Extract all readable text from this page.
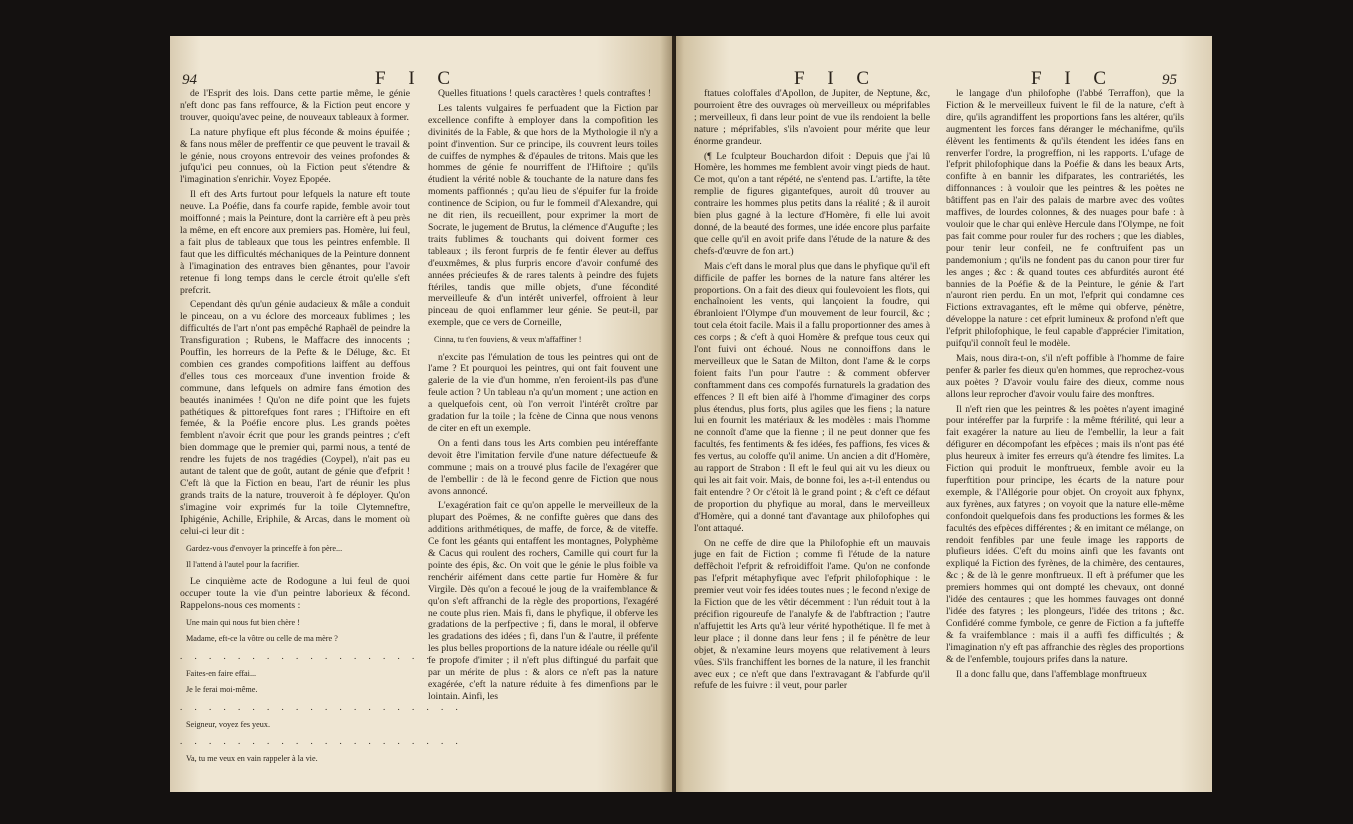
94	F I C

de l'Esprit des lois. Dans cette partie même, le génie n'eft donc pas fans reffource, & la Fiction peut encore y trouver, quoiqu'avec peine, de nouveaux tableaux à former.

La nature phyfique eft plus féconde & moins épuifée ; & fans nous mêler de preffentir ce que peuvent le travail & le génie, nous croyons entrevoir des veines profondes & jufqu'ici peu connues, où la Fiction peut s'étendre & l'imagination s'enrichir. Voyez Epopée.

Il eft des Arts furtout pour lefquels la nature eft toute neuve. La Poéfie, dans fa courfe rapide, femble avoir tout moiffonné ; mais la Peinture, dont la carrière eft à peu près la même, en eft encore aux premiers pas. Homère, lui feul, a fait plus de tableaux que tous les peintres enfemble. Il faut que les difficultés méchaniques de la Peinture donnent à l'imagination des entraves bien gênantes, pour l'avoir retenue fi long temps dans le cercle étroit qu'elle s'eft prefcrit.

Cependant dès qu'un génie audacieux & mâle a conduit le pinceau, on a vu éclore des morceaux fublimes ; les difficultés de l'art n'ont pas empêché Raphaël de peindre la Transfiguration ; Rubens, le Maffacre des innocents ; Pouffin, les horreurs de la Pefte & le Déluge, &c. Et combien ces grandes compofitions laiffent au deffous d'elles tous ces morceaux d'une invention froide & commune, dans lefquels on admire fans émotion des beautés inanimées ! Qu'on ne dife point que les fujets pathétiques & pittorefques font rares ; l'Hiftoire en eft femée, & la Poéfie encore plus. Les grands poètes femblent n'avoir écrit que pour les grands peintres ; c'eft bien dommage que le premier qui, parmi nous, a tenté de rendre les fujets de nos tragédies (Coypel), n'ait pas eu autant de talent que de goût, autant de génie que d'efprit ! C'eft là que la Fiction en beau, l'art de réunir les plus grands traits de la nature, trouveroit à fe déployer. Qu'on s'imagine voir exprimés fur la toile Clytemneftre, Iphigénie, Achille, Eriphile, & Arcas, dans le moment où celui-ci leur dit :

Gardez-vous d'envoyer la princeffe à fon père...

Il l'attend à l'autel pour la facrifier.

Le cinquième acte de Rodogune a lui feul de quoi occuper toute la vie d'un peintre laborieux & fécond. Rappelons-nous ces moments :

Une main qui nous fut bien chère !

Madame, eft-ce la vôtre ou celle de ma mère ?

. . . . . . . . . . . . . . . . . . . .

Faites-en faire effai...

Je le ferai moi-même.

. . . . . . . . . . . . . . . . . . . .

Seigneur, voyez fes yeux.

. . . . . . . . . . . . . . . . . . . .

Va, tu me veux en vain rappeler à la vie.

Quelles fituations ! quels caractères ! quels contraftes !

Les talents vulgaires fe perfuadent que la Fiction par excellence confifte à employer dans la compofition les divinités de la Fable, & que hors de la Mythologie il n'y a point d'invention. Sur ce principe, ils couvrent leurs toiles de cuiffes de nymphes & d'épaules de tritons. Mais que les hommes de génie fe nourriffent de l'Hiftoire ; qu'ils étudient la vérité noble & touchante de la nature dans fes moments paffionnés ; qu'au lieu de s'épuifer fur la froide continence de Scipion, ou fur le fommeil d'Alexandre, qui ne dit rien, ils recueillent, pour exprimer la mort de Socrate, le jugement de Brutus, la clémence d'Augufte ; les traits fublimes & touchants qui doivent former ces tableaux ; ils feront furpris de fe fentir élever au deffus d'euxmêmes, & plus furpris encore d'avoir confumé des années précieufes & de rares talents à peindre des fujets ftériles, tandis que mille objets, d'une fécondité merveilleufe & d'un intérêt univerfel, offroient à leur pinceau de quoi enflammer leur génie. Se peut-il, par exemple, que ce vers de Corneille,

Cinna, tu t'en fouviens, & veux m'affaffiner !

n'excite pas l'émulation de tous les peintres qui ont de l'ame ? Et pourquoi les peintres, qui ont fait fouvent une galerie de la vie d'un homme, n'en feroient-ils pas d'une feule action ? Un tableau n'a qu'un moment ; une action en a quelquefois cent, où l'on verroit l'intérêt croître par gradation fur la toile ; la fcène de Cinna que nous venons de citer en eft un exemple.

On a fenti dans tous les Arts combien peu intéreffante devoit être l'imitation fervile d'une nature défectueufe & commune ; mais on a trouvé plus facile de l'exagérer que de l'embellir : de là le fecond genre de Fiction que nous avons annoncé.

L'exagération fait ce qu'on appelle le merveilleux de la plupart des Poëmes, & ne confifte guères que dans des additions arithmétiques, de maffe, de force, & de viteffe. Ce font les géants qui entaffent les montagnes, Polyphème & Cacus qui roulent des rochers, Camille qui court fur la pointe des épis, &c. On voit que le génie le plus foible va renchérir aifément dans cette partie fur Homère & fur Virgile. Dès qu'on a fecoué le joug de la vraifemblance & qu'on s'eft affranchi de la règle des proportions, l'exagéré ne coute plus rien. Mais fi, dans le phyfique, il obferve les gradations de la perfpective ; fi, dans le moral, il obferve les gradations des idées ; fi, dans l'un & l'autre, il préfente les plus belles proportions de la nature idéale ou réelle qu'il fe propofe d'imiter ; il n'eft plus diftingué du parfait que par un mérite de plus : & alors ce n'eft pas la nature exagérée, c'eft la nature réduite à fes dimenfions par le lointain. Ainfi, les

F I C	F I C	95

ftatues coloffales d'Apollon, de Jupiter, de Neptune, &c, pourroient être des ouvrages où merveilleux ou méprifables ; merveilleux, fi dans leur point de vue ils rendoient la belle nature ; méprifables, s'ils n'avoient pour mérite que leur énorme grandeur.

(¶ Le fculpteur Bouchardon difoit : Depuis que j'ai lû Homère, les hommes me femblent avoir vingt pieds de haut. Ce mot, qu'on a tant répété, ne s'entend pas. L'artifte, la tête remplie de figures gigantefques, auroit dû trouver au contraire les hommes plus petits dans la réalité ; & il auroit bien plus gagné à la lecture d'Homère, fi elle lui avoit donné, de la beauté des formes, une idée encore plus parfaite que celle qu'il en avoit prife dans l'étude de la nature & des chefs-d'œuvre de fon art.)

Mais c'eft dans le moral plus que dans le phyfique qu'il eft difficile de paffer les bornes de la nature fans altérer les proportions. On a fait des dieux qui foulevoient les flots, qui enchaînoient les vents, qui lançoient la foudre, qui ébranloient l'Olympe d'un mouvement de leur fourcil, &c ; tout cela étoit facile. Mais il a fallu proportionner des ames à ces corps ; & c'eft à quoi Homère & prefque tous ceux qui l'ont fuivi ont échoué. Nous ne connoiffons dans le merveilleux que le Satan de Milton, dont l'ame & le corps foient faits l'un pour l'autre : & comment obferver conftamment dans ces compofés furnaturels la gradation des effences ? Il eft bien aifé à l'homme d'imaginer des corps plus étendus, plus forts, plus agiles que les fiens ; la nature lui en fournit les matériaux & les modèles : mais l'homme ne connoît d'ame que la fienne ; il ne peut donner que fes facultés, fes fentiments & fes idées, fes paffions, fes vices & fes vertus, au coloffe qu'il anime. Un ancien a dit d'Homère, au rapport de Strabon : Il eft le feul qui ait vu les dieux ou qui les ait fait voir. Mais, de bonne foi, les a-t-il entendus ou fait entendre ? Or c'étoit là le grand point ; & c'eft ce défaut de proportion du phyfique au moral, dans le merveilleux d'Homère, qui a donné tant d'avantage aux philofophes qui l'ont attaqué.

On ne ceffe de dire que la Philofophie eft un mauvais juge en fait de Fiction ; comme fi l'étude de la nature deffêchoit l'efprit & refroidiffoit l'ame. Qu'on ne confonde pas l'efprit métaphyfique avec l'efprit philofophique : le premier veut voir fes idées toutes nues ; le fecond n'exige de la Fiction que de les vêtir décemment : l'un réduit tout à la précifion rigoureufe de l'analyfe & de l'abftraction ; l'autre n'affujettit les Arts qu'à leur vérité hypothétique. Il fe met à leur place ; il donne dans leur fens ; il fe pénètre de leur objet, & n'examine leurs moyens que relativement à leurs vûes. S'ils franchiffent les bornes de la nature, il les franchit avec eux ; ce n'eft que dans l'extravagant & l'abfurde qu'il refufe de les fuivre : il veut, pour parler

le langage d'un philofophe (l'abbé Terraffon), que la Fiction & le merveilleux fuivent le fil de la nature, c'eft à dire, qu'ils agrandiffent les proportions fans les altérer, qu'ils augmentent les forces fans déranger le méchanifme, qu'ils élèvent les fentiments & qu'ils étendent les idées fans en renverfer l'ordre, la progreffion, ni les rapports. L'ufage de l'efprit philofophique dans la Poéfie & dans les beaux Arts, confifte à en bannir les difparates, les contrariétés, les diffonnances : à vouloir que les peintres & les poètes ne bâtiffent pas en l'air des palais de marbre avec des voûtes maffives, de lourdes colonnes, & des nuages pour bafe : à vouloir que le char qui enlève Hercule dans l'Olympe, ne foit pas fait comme pour rouler fur des rochers ; que les diables, pour tenir leur confeil, ne fe conftruifent pas un pandemonium ; qu'ils ne fondent pas du canon pour tirer fur les anges ; &c : & quand toutes ces abfurdités auront été bannies de la Poéfie & de la Peinture, le génie & l'art n'auront rien perdu. En un mot, l'efprit qui condamne ces Fictions extravagantes, eft le même qui obferve, pénètre, développe la nature : cet efprit lumineux & profond n'eft que l'efprit philofophique, le feul capable d'apprécier l'imitation, puifqu'il connoît feul le modèle.

Mais, nous dira-t-on, s'il n'eft poffible à l'homme de faire penfer & parler fes dieux qu'en hommes, que reprochez-vous aux poètes ? D'avoir voulu faire des dieux, comme nous allons leur reprocher d'avoir voulu faire des monftres.

Il n'eft rien que les peintres & les poètes n'ayent imaginé pour intéreffer par la furprife : la même ftérilité, qui leur a fait exagérer la nature au lieu de l'embellir, la leur a fait défigurer en décompofant les efpèces ; mais ils n'ont pas été plus heureux à imiter fes erreurs qu'à étendre fes limites. La Fiction qui produit le monftrueux, femble avoir eu la fuperftition pour principe, les écarts de la nature pour exemple, & l'Allégorie pour objet. On croyoit aux fphynx, aux fyrènes, aux fatyres ; on voyoit que la nature elle-même confondoit quelquefois dans fes productions les formes & les facultés des efpèces différentes ; & en imitant ce mélange, on rendoit fenfibles par une feule image les rapports de plufieurs idées. C'eft du moins ainfi que les favants ont expliqué la Fiction des fyrènes, de la chimère, des centaures, &c ; & de là le genre monftrueux. Il eft à préfumer que les premiers hommes qui ont dompté les chevaux, ont donné l'idée des centaures ; que les hommes fauvages ont donné l'idée des fatyres ; les plongeurs, l'idée des tritons ; &c. Confidéré comme fymbole, ce genre de Fiction a fa jufteffe & fa vraifemblance : mais il a auffi fes difficultés ; & l'imagination n'y eft pas affranchie des règles des proportions & de l'enfemble, toujours prifes dans la nature.

Il a donc fallu que, dans l'affemblage monftrueux
